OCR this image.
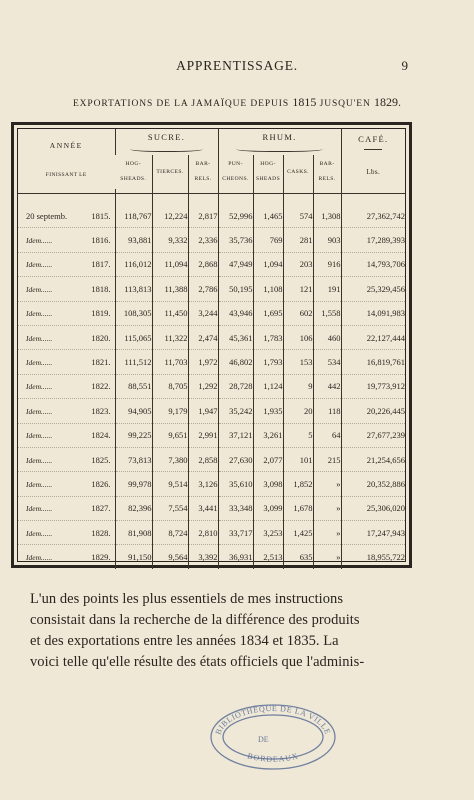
APPRENTISSAGE.	9
EXPORTATIONS DE LA JAMAÏQUE DEPUIS 1815 JUSQU'EN 1829.
ANNÉE
FINISSANT LE	SUCRE.			RHUM.				CAFÉ.

	HOG-SHEADS.	TIERCES.	BAR-RELS.	PUN-CHEONS.	HOG-SHEADS	CASKS.	BAR-RELS.	Lbs.

20 septemb. 1815.	118,767	12,224	2,817	52,996	1,465	574	1,308	27,362,742
Idem...... 1816.	93,881	9,332	2,336	35,736	769	281	903	17,289,393
Idem...... 1817.	116,012	11,094	2,868	47,949	1,094	203	916	14,793,706
Idem...... 1818.	113,813	11,388	2,786	50,195	1,108	121	191	25,329,456
Idem...... 1819.	108,305	11,450	3,244	43,946	1,695	602	1,558	14,091,983
Idem...... 1820.	115,065	11,322	2,474	45,361	1,783	106	460	22,127,444
Idem...... 1821.	111,512	11,703	1,972	46,802	1,793	153	534	16,819,761
Idem...... 1822.	88,551	8,705	1,292	28,728	1,124	9	442	19,773,912
Idem...... 1823.	94,905	9,179	1,947	35,242	1,935	20	118	20,226,445
Idem...... 1824.	99,225	9,651	2,991	37,121	3,261	5	64	27,677,239
Idem...... 1825.	73,813	7,380	2,858	27,630	2,077	101	215	21,254,656
Idem...... 1826.	99,978	9,514	3,126	35,610	3,098	1,852	»	20,352,886
Idem...... 1827.	82,396	7,554	3,441	33,348	3,099	1,678	»	25,306,020
Idem...... 1828.	81,908	8,724	2,810	33,717	3,253	1,425	»	17,247,943
Idem...... 1829.	91,150	9,564	3,392	36,931	2,513	635	»	18,955,722
L'un des points les plus essentiels de mes instructions
consistait dans la recherche de la différence des produits
et des exportations entre les années 1834 et 1835. La
voici telle qu'elle résulte des états officiels que l'adminis-
BIBLIOTHÈQUE DE LA VILLE
DE
BORDEAUX
